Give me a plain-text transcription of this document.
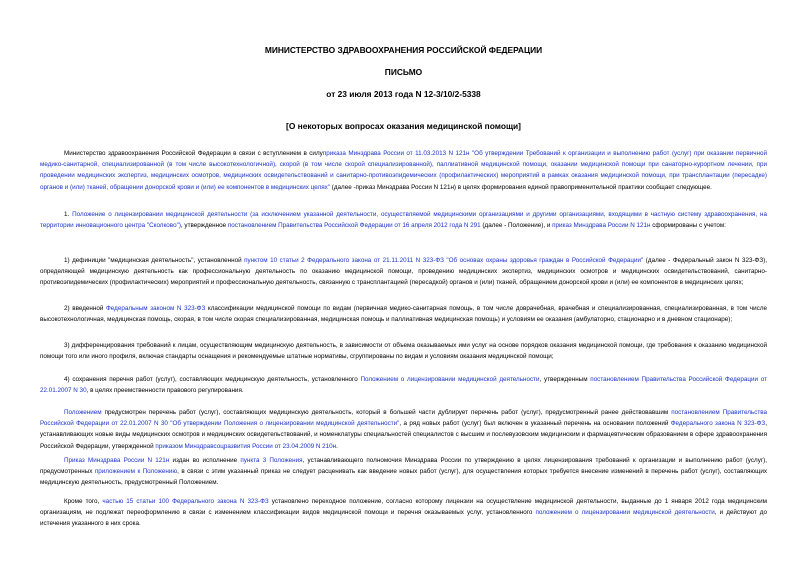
МИНИСТЕРСТВО ЗДРАВООХРАНЕНИЯ РОССИЙСКОЙ ФЕДЕРАЦИИ
ПИСЬМО
от 23 июля 2013 года N 12-3/10/2-5338
[О некоторых вопросах оказания медицинской помощи]
Министерство здравоохранения Российской Федерации в связи с вступлением в силуприказа Минздрава России от 11.03.2013 N 121н "Об утверждении Требований к организации и выполнению работ (услуг) при оказании первичной медико-санитарной, специализированной (в том числе высокотехнологичной), скорой (в том числе скорой специализированной), паллиативной медицинской помощи, оказании медицинской помощи при санаторно-курортном лечении, при проведении медицинских экспертиз, медицинских осмотров, медицинских освидетельствований и санитарно-противоэпидемических (профилактических) мероприятий в рамках оказания медицинской помощи, при трансплантации (пересадке) органов и (или) тканей, обращении донорской крови и (или) ее компонентов в медицинских целях" (далее -приказ Минздрава России N 121н) в целях формирования единой правоприменительной практики сообщает следующее.
1. Положение о лицензировании медицинской деятельности (за исключением указанной деятельности, осуществляемой медицинскими организациями и другими организациями, входящими в частную систему здравоохранения, на территории инновационного центра "Сколково"), утвержденное постановлением Правительства Российской Федерации от 16 апреля 2012 года N 291 (далее - Положение), и приказ Минздрава России N 121н сформированы с учетом:
1) дефиниции "медицинская деятельность", установленной пунктом 10 статьи 2 Федерального закона от 21.11.2011 N 323-ФЗ "Об основах охраны здоровья граждан в Российской Федерации" (далее - Федеральный закон N 323-ФЗ), определяющей медицинскую деятельность как профессиональную деятельность по оказанию медицинской помощи, проведению медицинских экспертиз, медицинских осмотров и медицинских освидетельствований, санитарно-противоэпидемических (профилактических) мероприятий и профессиональную деятельность, связанную с трансплантацией (пересадкой) органов и (или) тканей, обращением донорской крови и (или) ее компонентов в медицинских целях;
2) введенной Федеральным законом N 323-ФЗ классификации медицинской помощи по видам (первичная медико-санитарная помощь, в том числе доврачебная, врачебная и специализированная, специализированная, в том числе высокотехнологичная, медицинская помощь, скорая, в том числе скорая специализированная, медицинская помощь и паллиативная медицинская помощь) и условиям ее оказания (амбулаторно, стационарно и в дневном стационаре);
3) дифференцирования требований к лицам, осуществляющим медицинскую деятельность, в зависимости от объема оказываемых ими услуг на основе порядков оказания медицинской помощи, где требования к оказанию медицинской помощи того или иного профиля, включая стандарты оснащения и рекомендуемые штатные нормативы, сгруппированы по видам и условиям оказания медицинской помощи;
4) сохранения перечня работ (услуг), составляющих медицинскую деятельность, установленного Положением о лицензировании медицинской деятельности, утвержденным постановлением Правительства Российской Федерации от 22.01.2007 N 30, в целях преемственности правового регулирования.
Положением предусмотрен перечень работ (услуг), составляющих медицинскую деятельность, который в большей части дублирует перечень работ (услуг), предусмотренный ранее действовавшим постановлением Правительства Российской Федерации от 22.01.2007 N 30 "Об утверждении Положения о лицензировании медицинской деятельности", а ряд новых работ (услуг) был включен в указанный перечень на основании положений Федерального закона N 323-ФЗ, устанавливающих новые виды медицинских осмотров и медицинских освидетельствований, и номенклатуры специальностей специалистов с высшим и послевузовским медицинским и фармацевтическим образованием в сфере здравоохранения Российской Федерации, утвержденной приказом Минздравсоцразвития России от 23.04.2009 N 210н.
Приказ Минздрава России N 121н издан во исполнение пункта 3 Положения, устанавливающего полномочия Минздрава России по утверждению в целях лицензирования требований к организации и выполнению работ (услуг), предусмотренных приложением к Положению, в связи с этим указанный приказ не следует расценивать как введение новых работ (услуг), для осуществления которых требуется внесение изменений в перечень работ (услуг), составляющих медицинскую деятельность, предусмотренный Положением.
Кроме того, частью 15 статьи 100 Федерального закона N 323-ФЗ установлено переходное положение, согласно которому лицензии на осуществление медицинской деятельности, выданные до 1 января 2012 года медицинским организациям, не подлежат переоформлению в связи с изменением классификации видов медицинской помощи и перечня оказываемых услуг, установленного положением о лицензировании медицинской деятельности, и действуют до истечения указанного в них срока.
